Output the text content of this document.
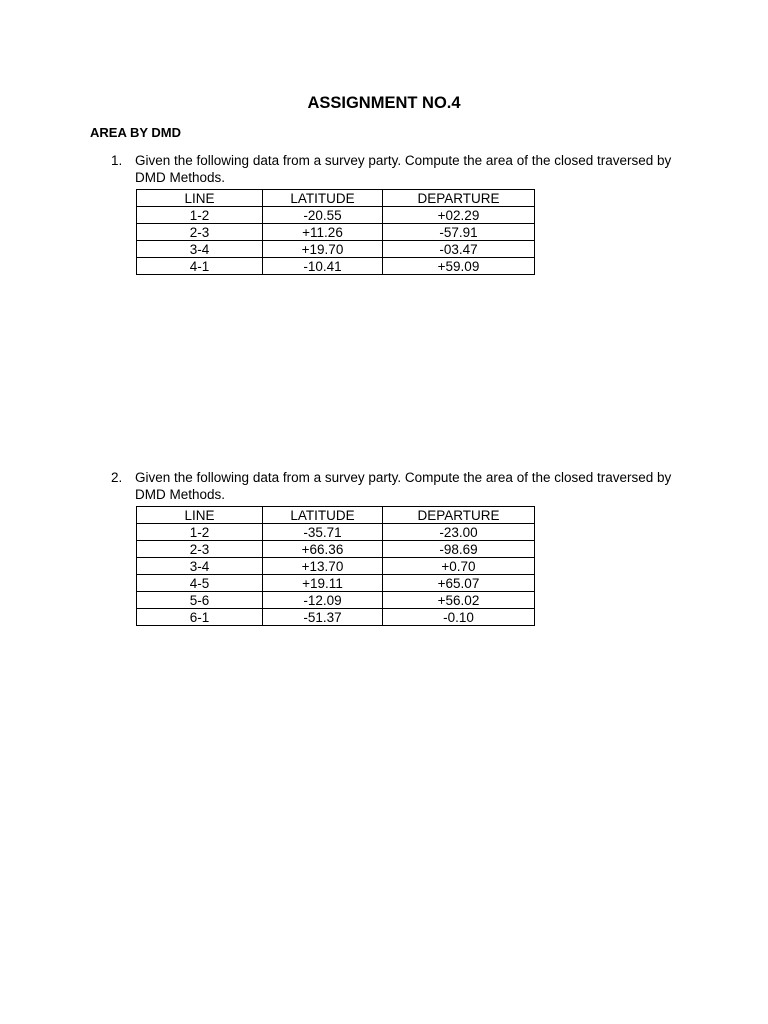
ASSIGNMENT NO.4
AREA BY DMD
1. Given the following data from a survey party. Compute the area of the closed traversed by DMD Methods.
LINE	LATITUDE	DEPARTURE
1-2	-20.55	+02.29
2-3	+11.26	-57.91
3-4	+19.70	-03.47
4-1	-10.41	+59.09
2. Given the following data from a survey party. Compute the area of the closed traversed by DMD Methods.
LINE	LATITUDE	DEPARTURE
1-2	-35.71	-23.00
2-3	+66.36	-98.69
3-4	+13.70	+0.70
4-5	+19.11	+65.07
5-6	-12.09	+56.02
6-1	-51.37	-0.10
